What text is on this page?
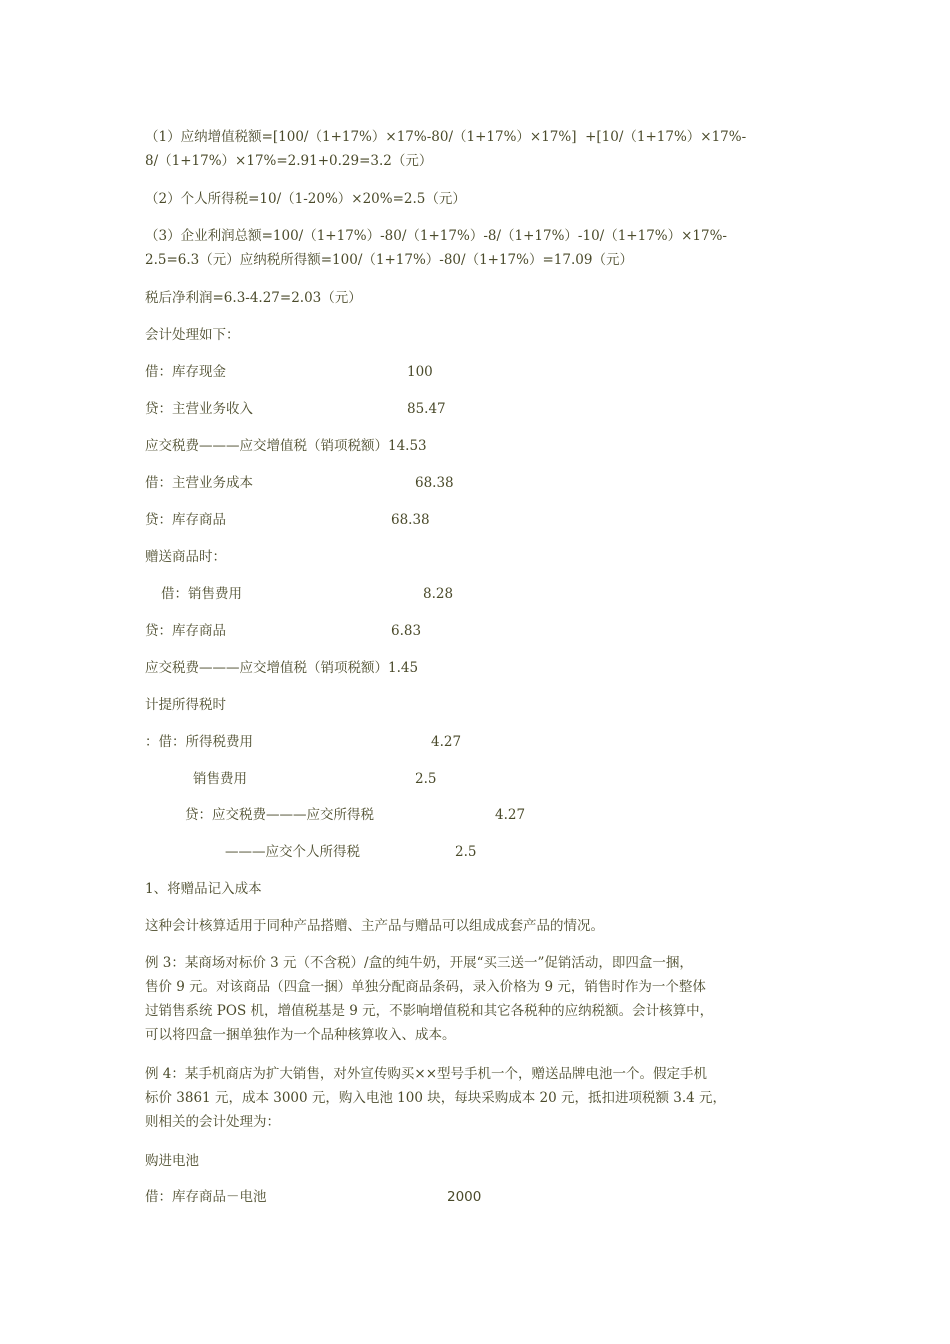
（1）应纳增值税额=[100/（1+17%）×17%-80/（1+17%）×17%]  +[10/（1+17%）×17%-
8/（1+17%）×17%=2.91+0.29=3.2（元）
（2）个人所得税=10/（1-20%）×20%=2.5（元）
（3）企业利润总额=100/（1+17%）-80/（1+17%）-8/（1+17%）-10/（1+17%）×17%-
2.5=6.3（元）应纳税所得额=100/（1+17%）-80/（1+17%）=17.09（元）
税后净利润=6.3-4.27=2.03（元）
会计处理如下：
借：库存现金	100
贷：主营业务收入	85.47
应交税费———应交增值税（销项税额）14.53
借：主营业务成本	68.38
贷：库存商品	68.38
赠送商品时：
借：销售费用	8.28
贷：库存商品	6.83
应交税费———应交增值税（销项税额）1.45
计提所得税时
：借：所得税费用	4.27
销售费用	2.5
贷：应交税费———应交所得税	4.27
———应交个人所得税	2.5
1、将赠品记入成本
这种会计核算适用于同种产品搭赠、主产品与赠品可以组成成套产品的情况。
例 3：某商场对标价 3 元（不含税）/盒的纯牛奶，开展“买三送一”促销活动，即四盒一捆，
售价 9 元。对该商品（四盒一捆）单独分配商品条码，录入价格为 9 元，销售时作为一个整体
过销售系统 POS 机，增值税基是 9 元，不影响增值税和其它各税种的应纳税额。会计核算中，
可以将四盒一捆单独作为一个品种核算收入、成本。
例 4：某手机商店为扩大销售，对外宣传购买××型号手机一个，赠送品牌电池一个。假定手机
标价 3861 元，成本 3000 元，购入电池 100 块，每块采购成本 20 元，抵扣进项税额 3.4 元，
则相关的会计处理为：
购进电池
借：库存商品－电池	2000
